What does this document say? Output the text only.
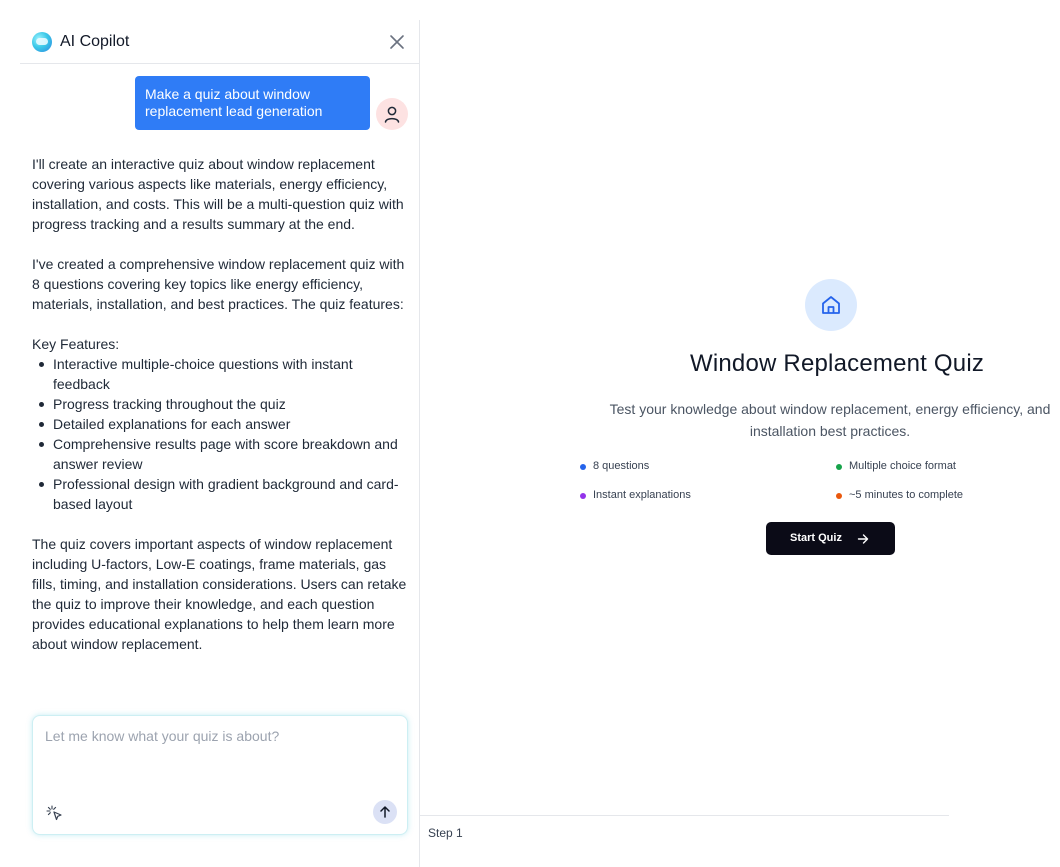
AI Copilot
Make a quiz about window replacement lead generation

I'll create an interactive quiz about window replacement covering various aspects like materials, energy efficiency, installation, and costs. This will be a multi-question quiz with progress tracking and a results summary at the end.

I've created a comprehensive window replacement quiz with 8 questions covering key topics like energy efficiency, materials, installation, and best practices. The quiz features:

Key Features:

Interactive multiple-choice questions with instant feedback
Progress tracking throughout the quiz
Detailed explanations for each answer
Comprehensive results page with score breakdown and answer review
Professional design with gradient background and card-based layout

The quiz covers important aspects of window replacement including U-factors, Low-E coatings, frame materials, gas fills, timing, and installation considerations. Users can retake the quiz to improve their knowledge, and each question provides educational explanations to help them learn more about window replacement.

Let me know what your quiz is about?
Window Replacement Quiz
Test your knowledge about window replacement, energy efficiency, and installation best practices.
8 questions	Multiple choice format
Instant explanations	~5 minutes to complete
Start Quiz
Step 1
